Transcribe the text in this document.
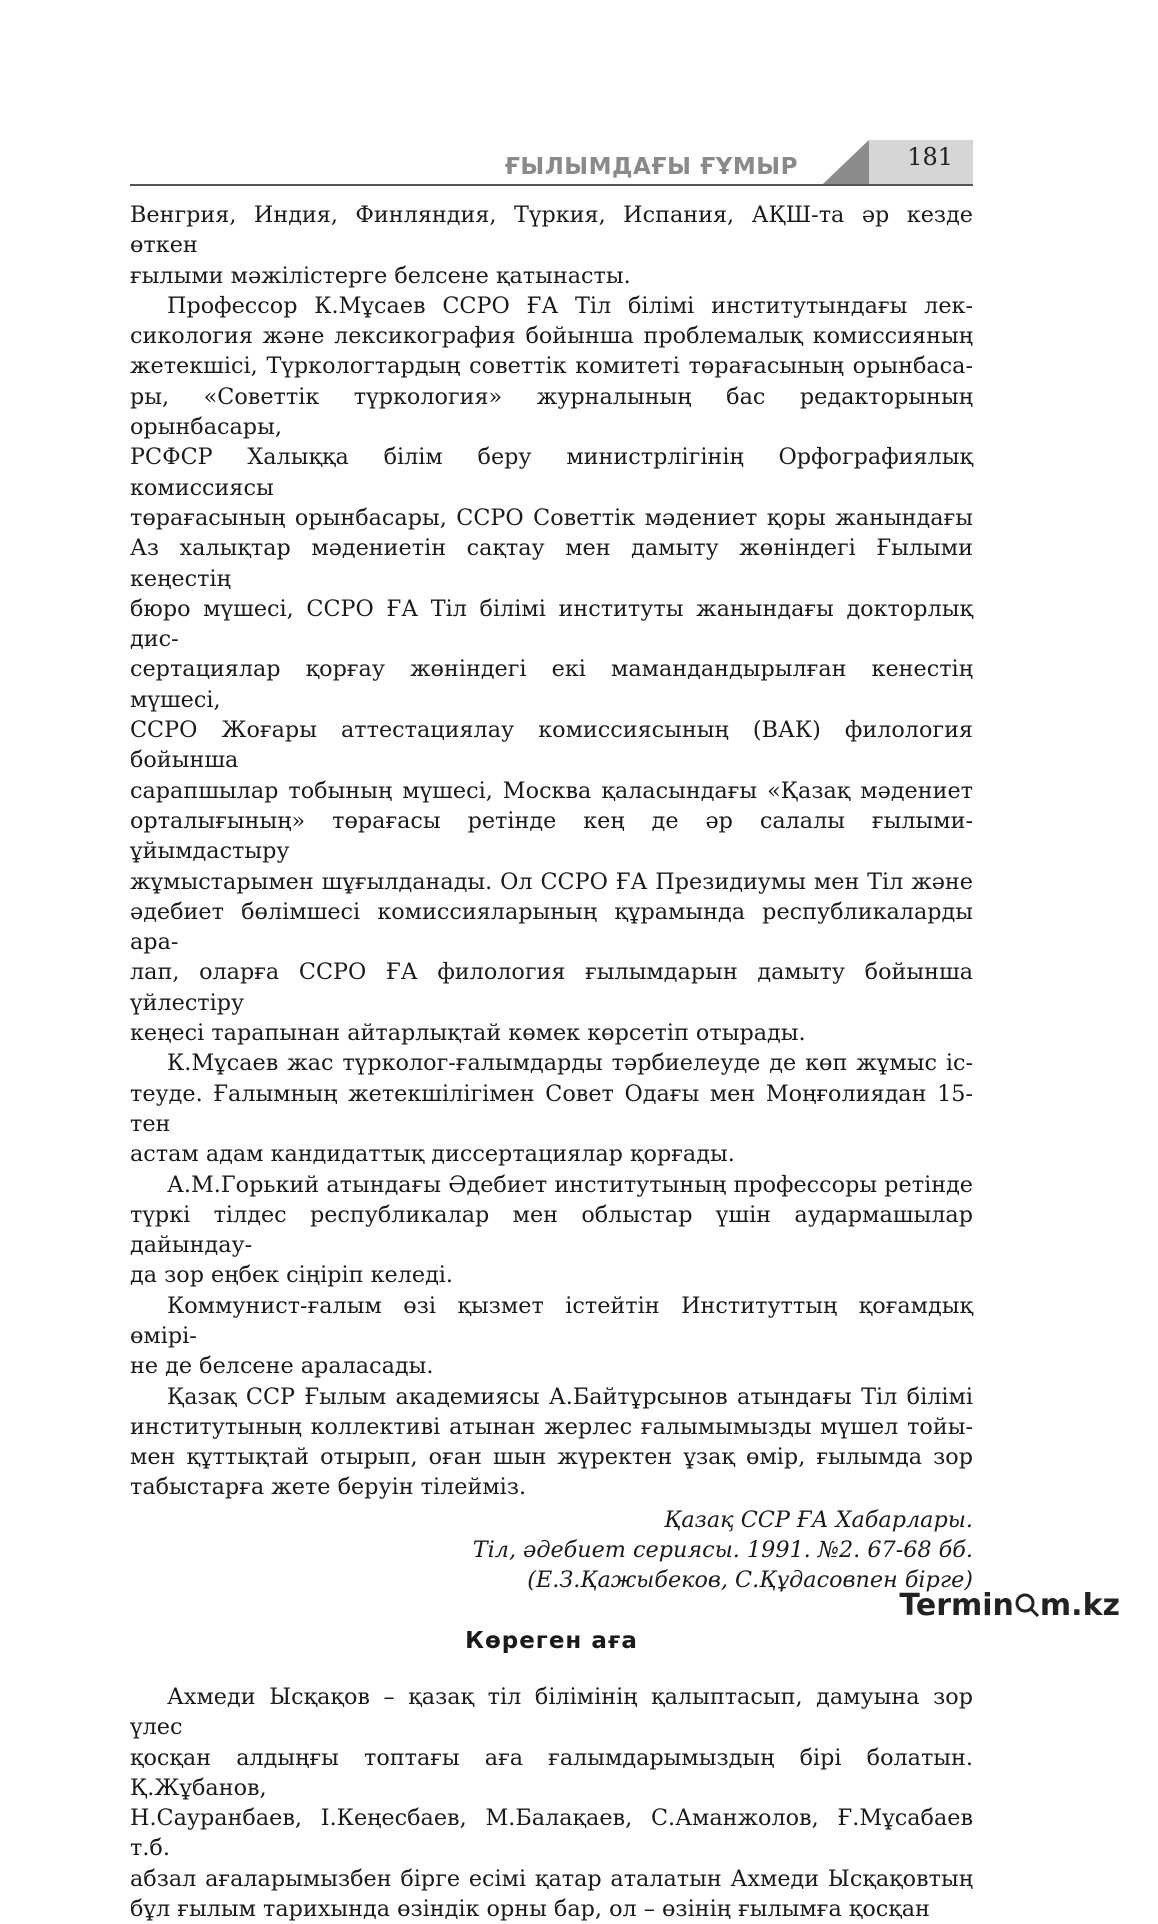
ҒЫЛЫМДАҒЫ ҒҰМЫР	181
Венгрия, Индия, Финляндия, Түркия, Испания, АҚШ-та әр кезде өткен
ғылыми мәжілістерге белсене қатынасты.
Профессор К.Мұсаев ССРО ҒА Тіл білімі институтындағы лек-
сикология және лексикография бойынша проблемалық комиссияның
жетекшісі, Түркологтардың советтік комитеті төрағасының орынбаса-
ры, «Советтік түркология» журналының бас редакторының орынбасары,
РСФСР Халыққа білім беру министрлігінің Орфографиялық комиссиясы
төрағасының орынбасары, ССРО Советтік мәдениет қоры жанындағы
Аз халықтар мәдениетін сақтау мен дамыту жөніндегі Ғылыми кеңестің
бюро мүшесі, ССРО ҒА Тіл білімі институты жанындағы докторлық дис-
сертациялар қорғау жөніндегі екі мамандандырылған кенестің мүшесі,
ССРО Жоғары аттестациялау комиссиясының (ВАК) филология бойынша
сарапшылар тобының мүшесі, Москва қаласындағы «Қазақ мәдениет
орталығының» төрағасы ретінде кең де әр салалы ғылыми-ұйымдастыру
жұмыстарымен шұғылданады. Ол ССРО ҒА Президиумы мен Тіл және
әдебиет бөлімшесі комиссияларының құрамында республикаларды ара-
лап, оларға ССРО ҒА филология ғылымдарын дамыту бойынша үйлестіру
кеңесі тарапынан айтарлықтай көмек көрсетіп отырады.
К.Мұсаев жас түрколог-ғалымдарды тәрбиелеуде де көп жұмыс іс-
теуде. Ғалымның жетекшілігімен Совет Одағы мен Моңғолиядан 15-тен
астам адам кандидаттық диссертациялар қорғады.
А.М.Горький атындағы Әдебиет институтының профессоры ретінде
түркі тілдес республикалар мен облыстар үшін аудармашылар дайындау-
да зор еңбек сіңіріп келеді.
Коммунист-ғалым өзі қызмет істейтін Институттың қоғамдық өмірі-
не де белсене араласады.
Қазақ ССР Ғылым академиясы А.Байтұрсынов атындағы Тіл білімі
институтының коллективі атынан жерлес ғалымымызды мүшел тойы-
мен құттықтай отырып, оған шын жүректен ұзақ өмір, ғылымда зор
табыстарға жете беруін тілейміз.
Қазақ ССР ҒА Хабарлары.
Тіл, әдебиет сериясы. 1991. №2. 67-68 бб.
(Е.З.Қажыбеков, С.Құдасовпен бірге)
Көреген аға
Ахмеди Ысқақов – қазақ тіл білімінің қалыптасып, дамуына зор үлес
қосқан алдыңғы топтағы аға ғалымдарымыздың бірі болатын. Қ.Жұбанов,
Н.Сауранбаев, І.Кеңесбаев, М.Балақаев, С.Аманжолов, Ғ.Мұсабаев т.б.
абзал ағаларымызбен бірге есімі қатар аталатын Ахмеди Ысқақовтың
бұл ғылым тарихында өзіндік орны бар, ол – өзінің ғылымға қосқан
Termin m.kz
